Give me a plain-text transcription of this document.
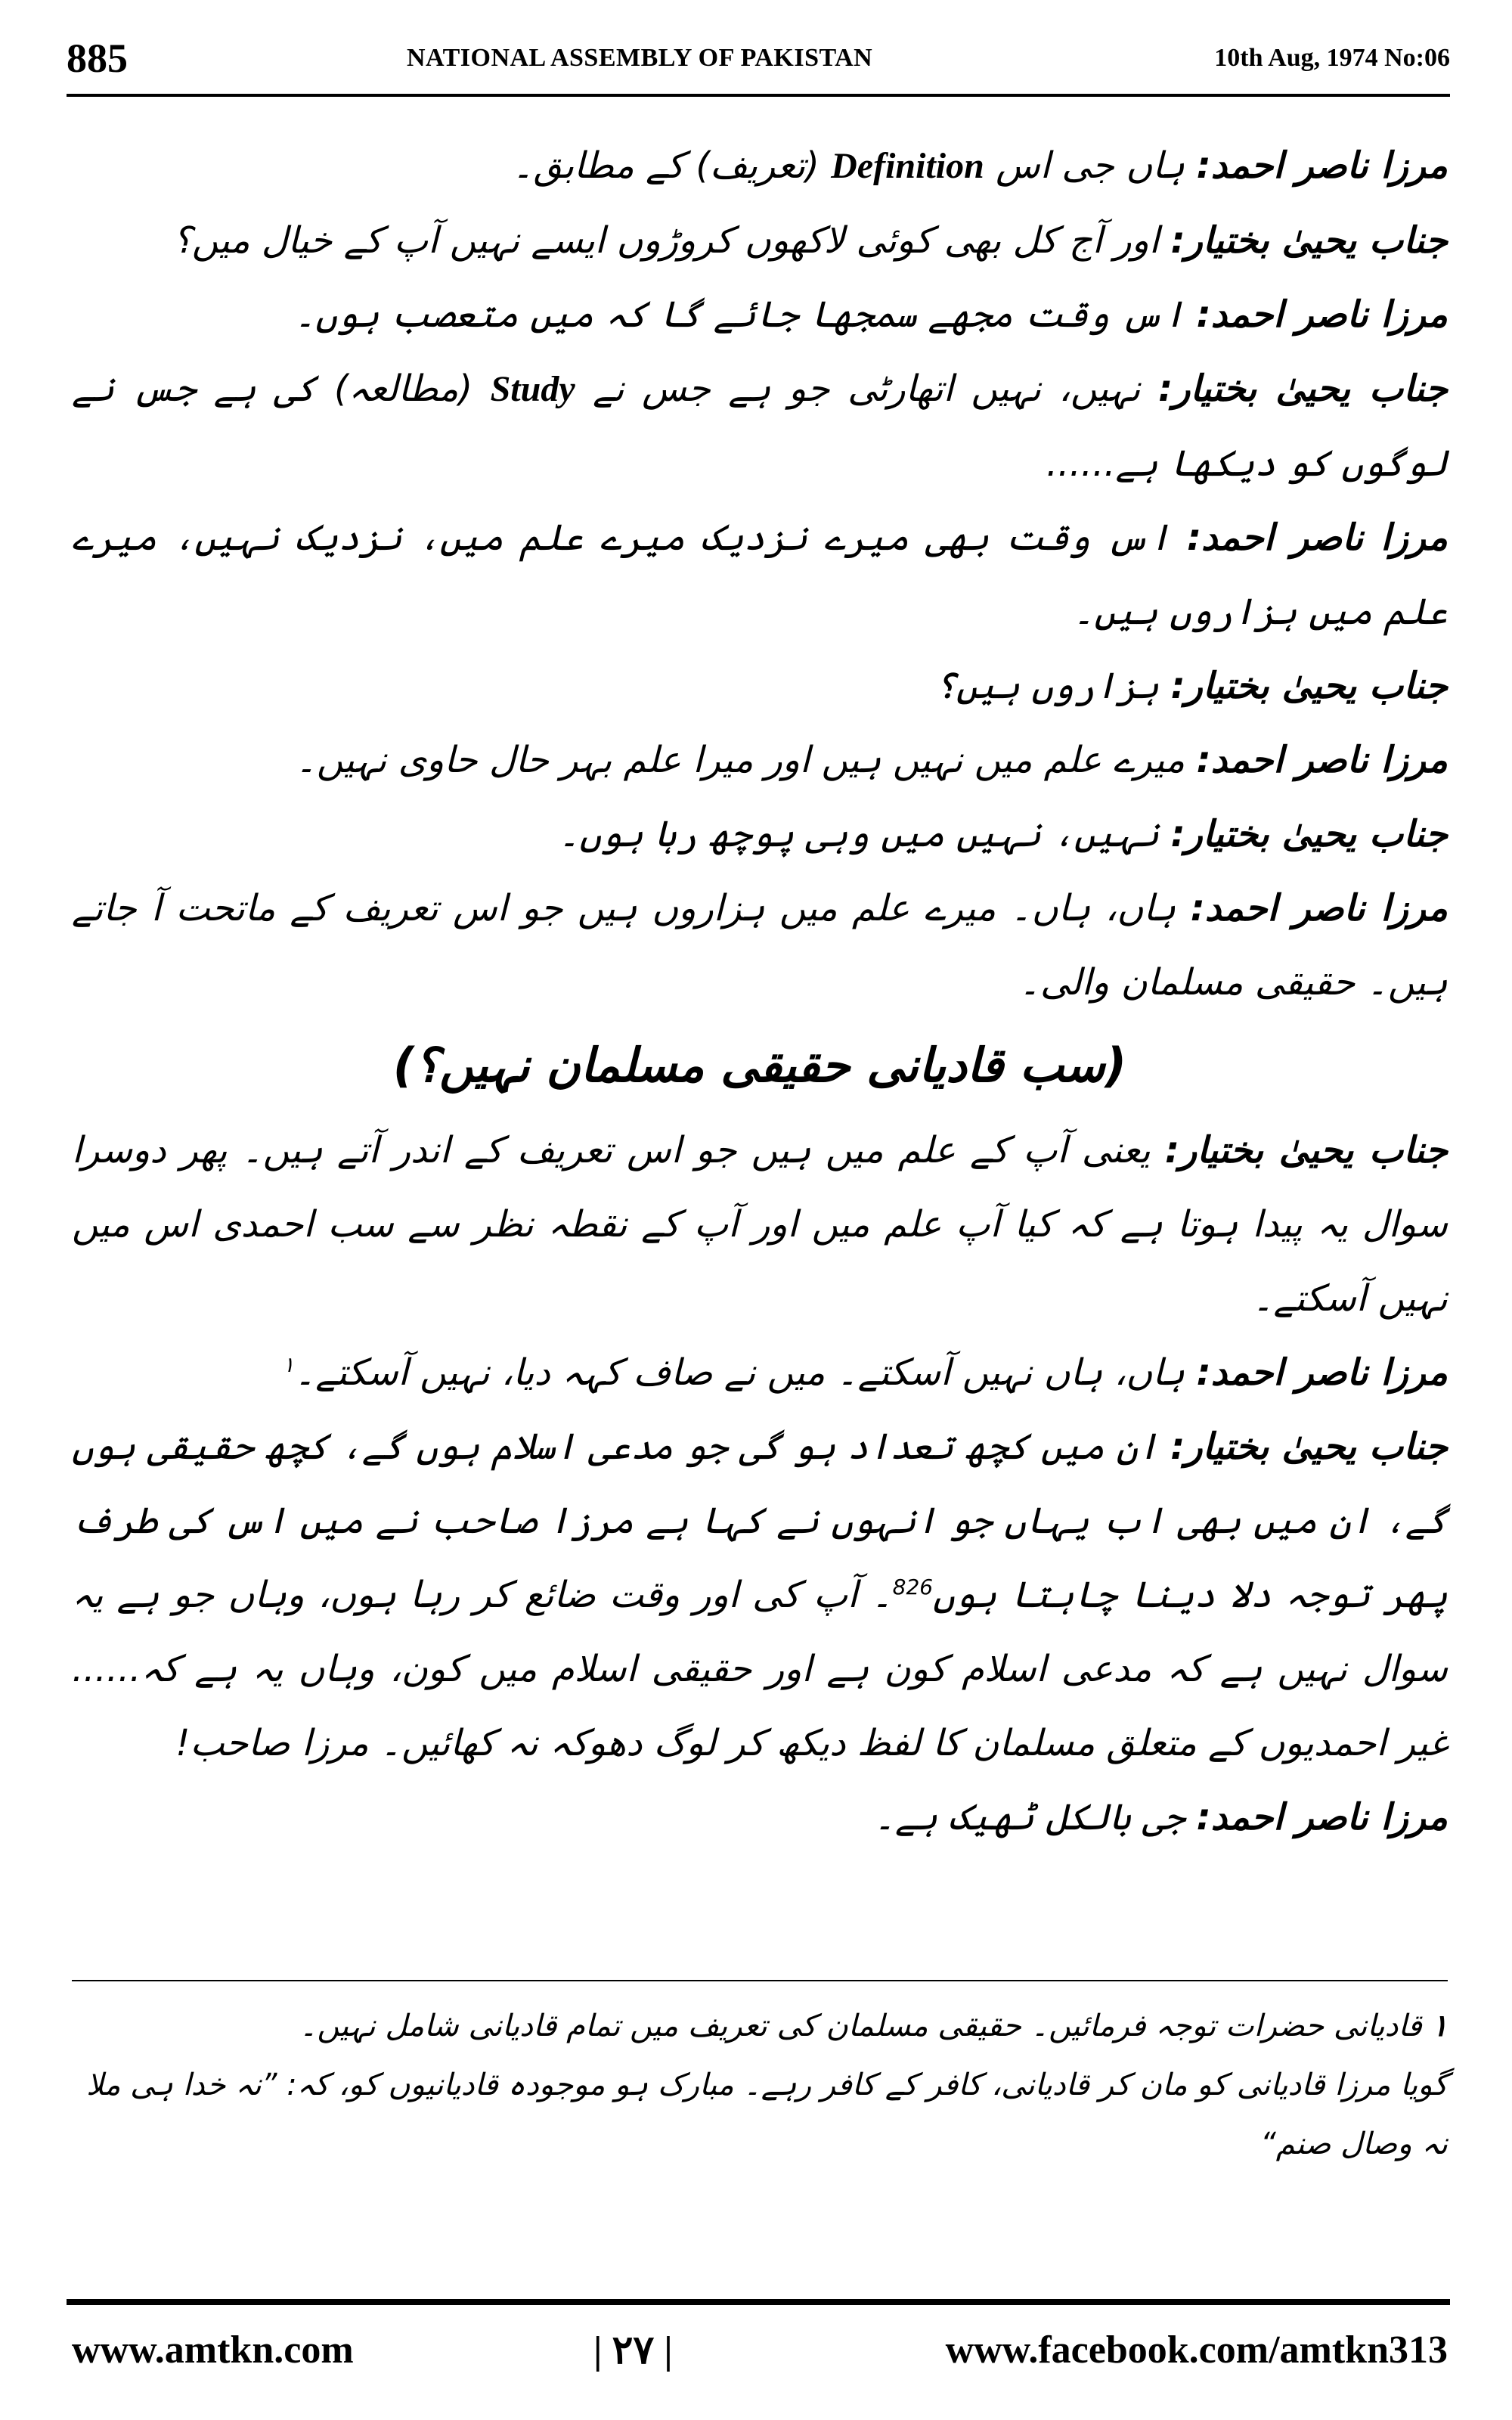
885	NATIONAL ASSEMBLY OF PAKISTAN	10th Aug, 1974 No:06

مرزا ناصر احمد: ہاں جی اس Definition (تعریف) کے مطابق۔

جناب یحییٰ بختیار: اور آج کل بھی کوئی لاکھوں کروڑوں ایسے نہیں آپ کے خیال میں؟

مرزا ناصر احمد: اس وقت مجھے سمجھا جائے گا کہ میں متعصب ہوں۔

جناب یحییٰ بختیار: نہیں، نہیں اتھارٹی جو ہے جس نے Study (مطالعہ) کی ہے جس نے لوگوں کو دیکھا ہے......

مرزا ناصر احمد: اس وقت بھی میرے نزدیک میرے علم میں، نزدیک نہیں، میرے علم میں ہزاروں ہیں۔

جناب یحییٰ بختیار: ہزاروں ہیں؟

مرزا ناصر احمد: میرے علم میں نہیں ہیں اور میرا علم بہر حال حاوی نہیں۔

جناب یحییٰ بختیار: نہیں، نہیں میں وہی پوچھ رہا ہوں۔

مرزا ناصر احمد: ہاں، ہاں۔ میرے علم میں ہزاروں ہیں جو اس تعریف کے ماتحت آ جاتے ہیں۔ حقیقی مسلمان والی۔

(سب قادیانی حقیقی مسلمان نہیں؟)

جناب یحییٰ بختیار: یعنی آپ کے علم میں ہیں جو اس تعریف کے اندر آتے ہیں۔ پھر دوسرا سوال یہ پیدا ہوتا ہے کہ کیا آپ علم میں اور آپ کے نقطہ نظر سے سب احمدی اس میں نہیں آسکتے۔

مرزا ناصر احمد: ہاں، ہاں نہیں آسکتے۔ میں نے صاف کہہ دیا، نہیں آسکتے۔$^۱$

جناب یحییٰ بختیار: ان میں کچھ تعداد ہو گی جو مدعی اسلام ہوں گے، کچھ حقیقی ہوں گے، ان میں بھی اب یہاں جو انہوں نے کہا ہے مرزا صاحب نے میں اس کی طرف پھر توجہ دلا دینا چاہتا ہوں$^{826}$۔ آپ کی اور وقت ضائع کر رہا ہوں، وہاں جو ہے یہ سوال نہیں ہے کہ مدعی اسلام کون ہے اور حقیقی اسلام میں کون، وہاں یہ ہے کہ...... غیر احمدیوں کے متعلق مسلمان کا لفظ دیکھ کر لوگ دھوکہ نہ کھائیں۔ مرزا صاحب!

مرزا ناصر احمد: جی بالکل ٹھیک ہے۔

۱ قادیانی حضرات توجہ فرمائیں۔ حقیقی مسلمان کی تعریف میں تمام قادیانی شامل نہیں۔

گویا مرزا قادیانی کو مان کر قادیانی، کافر کے کافر رہے۔ مبارک ہو موجودہ قادیانیوں کو، کہ: ”نہ خدا ہی ملا نہ وصال صنم“

www.amtkn.com	| ۲۷ |	www.facebook.com/amtkn313
